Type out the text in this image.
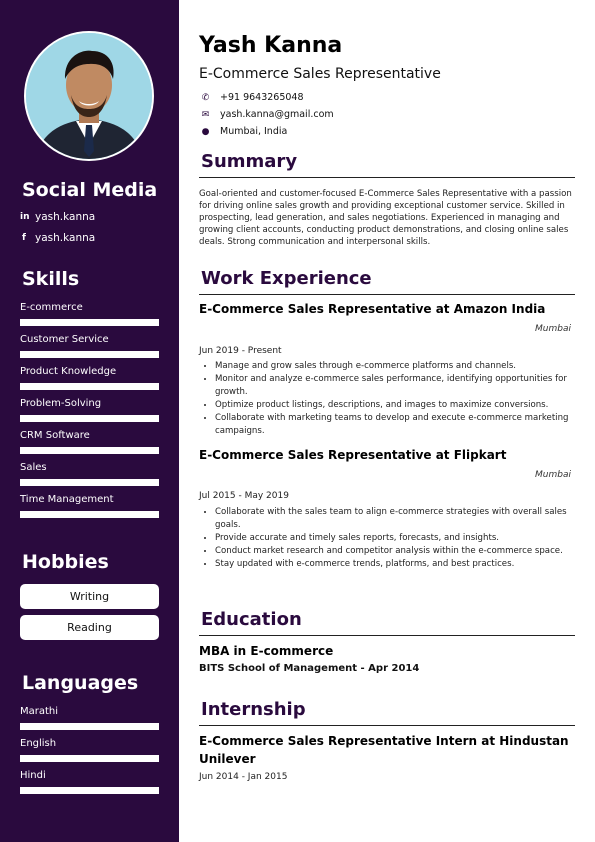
Social Media
in yash.kanna
f yash.kanna
Skills
E-commerce
Customer Service
Product Knowledge
Problem-Solving
CRM Software
Sales
Time Management
Hobbies
Writing
Reading
Languages
Marathi
English
Hindi
Yash Kanna
E-Commerce Sales Representative
✆ +91 9643265048
✉ yash.kanna@gmail.com
● Mumbai, India
Summary
Goal-oriented and customer-focused E-Commerce Sales Representative with a passion for driving online sales growth and providing exceptional customer service. Skilled in prospecting, lead generation, and sales negotiations. Experienced in managing and growing client accounts, conducting product demonstrations, and closing online sales deals. Strong communication and interpersonal skills.
Work Experience
E-Commerce Sales Representative at Amazon India
Mumbai
Jun 2019 - Present
• Manage and grow sales through e-commerce platforms and channels.
• Monitor and analyze e-commerce sales performance, identifying opportunities for growth.
• Optimize product listings, descriptions, and images to maximize conversions.
• Collaborate with marketing teams to develop and execute e-commerce marketing campaigns.
E-Commerce Sales Representative at Flipkart
Mumbai
Jul 2015 - May 2019
• Collaborate with the sales team to align e-commerce strategies with overall sales goals.
• Provide accurate and timely sales reports, forecasts, and insights.
• Conduct market research and competitor analysis within the e-commerce space.
• Stay updated with e-commerce trends, platforms, and best practices.
Education
MBA in E-commerce
BITS School of Management - Apr 2014
Internship
E-Commerce Sales Representative Intern at Hindustan Unilever
Jun 2014 - Jan 2015
